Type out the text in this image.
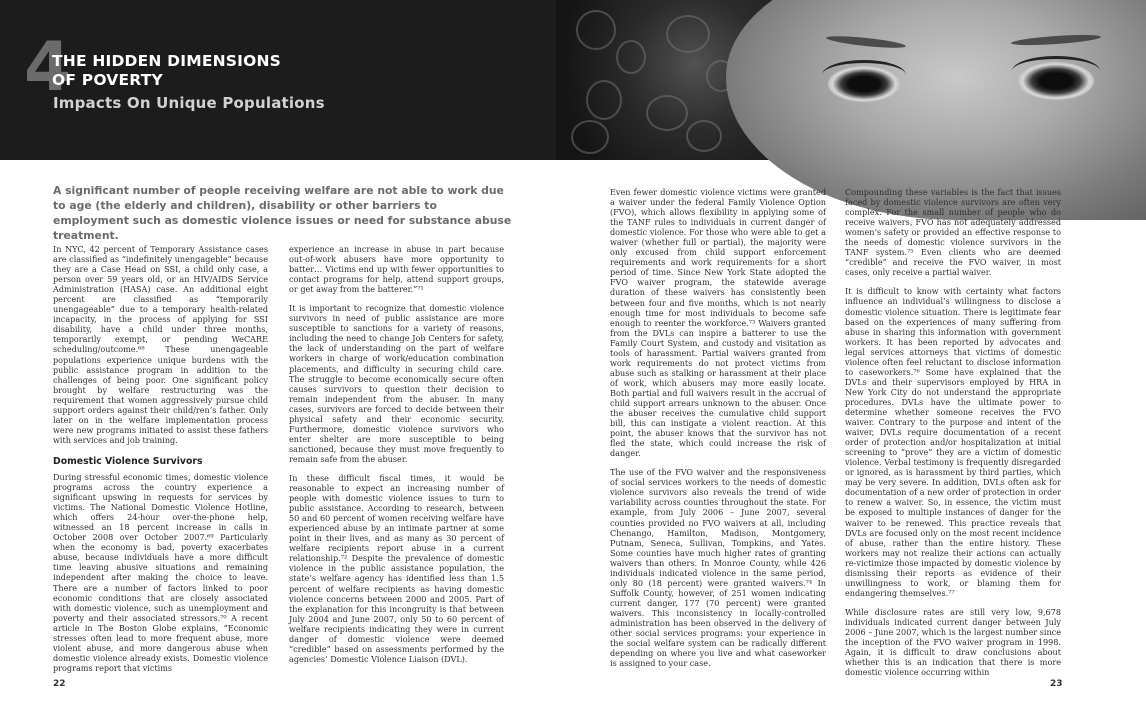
4
THE HIDDEN DIMENSIONS
OF POVERTY
Impacts On Unique Populations
A significant number of people receiving welfare are not able to work due to age (the elderly and children), disability or other barriers to employment such as domestic violence issues or need for substance abuse treatment.

In NYC, 42 percent of Temporary Assistance cases are classified as “indefinitely unengageble” because they are a Case Head on SSI, a child only case, a person over 59 years old, or an HIV/AIDS Service Administration (HASA) case. An additional eight percent are classified as “temporarily unengageable” due to a temporary health-related incapacity, in the process of applying for SSI disability, have a child under three months, temporarily exempt, or pending WeCARE scheduling/outcome.⁶⁸ These unengageable populations experience unique burdens with the public assistance program in addition to the challenges of being poor. One significant policy brought by welfare restructuring was the requirement that women aggressively pursue child support orders against their child/ren’s father. Only later on in the welfare implementation process were new programs initiated to assist these fathers with services and job training.

Domestic Violence Survivors

During stressful economic times, domestic violence programs across the country experience a significant upswing in requests for services by victims. The National Domestic Violence Hotline, which offers 24-hour over-the-phone help, witnessed an 18 percent increase in calls in October 2008 over October 2007.⁶⁹ Particularly when the economy is bad, poverty exacerbates abuse, because individuals have a more difficult time leaving abusive situations and remaining independent after making the choice to leave. There are a number of factors linked to poor economic conditions that are closely associated with domestic violence, such as unemployment and poverty and their associated stressors.⁷⁰ A recent article in The Boston Globe explains, “Economic stresses often lead to more frequent abuse, more violent abuse, and more dangerous abuse when domestic violence already exists. Domestic violence programs report that victims

experience an increase in abuse in part because out-of-work abusers have more opportunity to batter… Victims end up with fewer opportunities to contact programs for help, attend support groups, or get away from the batterer.”⁷¹

It is important to recognize that domestic violence survivors in need of public assistance are more susceptible to sanctions for a variety of reasons, including the need to change Job Centers for safety, the lack of understanding on the part of welfare workers in charge of work/education combination placements, and difficulty in securing child care. The struggle to become economically secure often causes survivors to question their decision to remain independent from the abuser. In many cases, survivors are forced to decide between their physical safety and their economic security. Furthermore, domestic violence survivors who enter shelter are more susceptible to being sanctioned, because they must move frequently to remain safe from the abuser.

In these difficult fiscal times, it would be reasonable to expect an increasing number of people with domestic violence issues to turn to public assistance. According to research, between 50 and 60 percent of women receiving welfare have experienced abuse by an intimate partner at some point in their lives, and as many as 30 percent of welfare recipients report abuse in a current relationship.⁷² Despite the prevalence of domestic violence in the public assistance population, the state’s welfare agency has identified less than 1.5 percent of welfare recipients as having domestic violence concerns between 2000 and 2005. Part of the explanation for this incongruity is that between July 2004 and June 2007, only 50 to 60 percent of welfare recipients indicating they were in current danger of domestic violence were deemed “credible” based on assessments performed by the agencies’ Domestic Violence Liaison (DVL).

Even fewer domestic violence victims were granted a waiver under the federal Family Violence Option (FVO), which allows flexibility in applying some of the TANF rules to individuals in current danger of domestic violence. For those who were able to get a waiver (whether full or partial), the majority were only excused from child support enforcement requirements and work requirements for a short period of time. Since New York State adopted the FVO waiver program, the statewide average duration of these waivers has consistently been between four and five months, which is not nearly enough time for most individuals to become safe enough to reenter the workforce.⁷³ Waivers granted from the DVLs can inspire a batterer to use the Family Court System, and custody and visitation as tools of harassment. Partial waivers granted from work requirements do not protect victims from abuse such as stalking or harassment at their place of work, which abusers may more easily locate. Both partial and full waivers result in the accrual of child support arrears unknown to the abuser. Once the abuser receives the cumulative child support bill, this can instigate a violent reaction. At this point, the abuser knows that the survivor has not fled the state, which could increase the risk of danger.

The use of the FVO waiver and the responsiveness of social services workers to the needs of domestic violence survivors also reveals the trend of wide variability across counties throughout the state. For example, from July 2006 – June 2007, several counties provided no FVO waivers at all, including Chenango, Hamilton, Madison, Montgomery, Putnam, Seneca, Sullivan, Tompkins, and Yates. Some counties have much higher rates of granting waivers than others. In Monroe County, while 426 individuals indicated violence in the same period, only 80 (18 percent) were granted waivers.⁷⁴ In Suffolk County, however, of 251 women indicating current danger, 177 (70 percent) were granted waivers. This inconsistency in locally-controlled administration has been observed in the delivery of other social services programs: your experience in the social welfare system can be radically different depending on where you live and what caseworker is assigned to your case.

Compounding these variables is the fact that issues faced by domestic violence survivors are often very complex. For the small number of people who do receive waivers, FVO has not adequately addressed women’s safety or provided an effective response to the needs of domestic violence survivors in the TANF system.⁷⁵ Even clients who are deemed “credible” and receive the FVO waiver, in most cases, only receive a partial waiver.

It is difficult to know with certainty what factors influence an individual’s willingness to disclose a domestic violence situation. There is legitimate fear based on the experiences of many suffering from abuse in sharing this information with government workers. It has been reported by advocates and legal services attorneys that victims of domestic violence often feel reluctant to disclose information to caseworkers.⁷⁶ Some have explained that the DVLs and their supervisors employed by HRA in New York City do not understand the appropriate procedures. DVLs have the ultimate power to determine whether someone receives the FVO waiver. Contrary to the purpose and intent of the waiver, DVLs require documentation of a recent order of protection and/or hospitalization at initial screening to “prove” they are a victim of domestic violence. Verbal testimony is frequently disregarded or ignored, as is harassment by third parties, which may be very severe. In addition, DVLs often ask for documentation of a new order of protection in order to renew a waiver. So, in essence, the victim must be exposed to multiple instances of danger for the waiver to be renewed. This practice reveals that DVLs are focused only on the most recent incidence of abuse, rather than the entire history. These workers may not realize their actions can actually re-victimize those impacted by domestic violence by dismissing their reports as evidence of their unwillingness to work, or blaming them for endangering themselves.⁷⁷

While disclosure rates are still very low, 9,678 individuals indicated current danger between July 2006 – June 2007, which is the largest number since the inception of the FVO waiver program in 1998. Again, it is difficult to draw conclusions about whether this is an indication that there is more domestic violence occurring within

22	23
